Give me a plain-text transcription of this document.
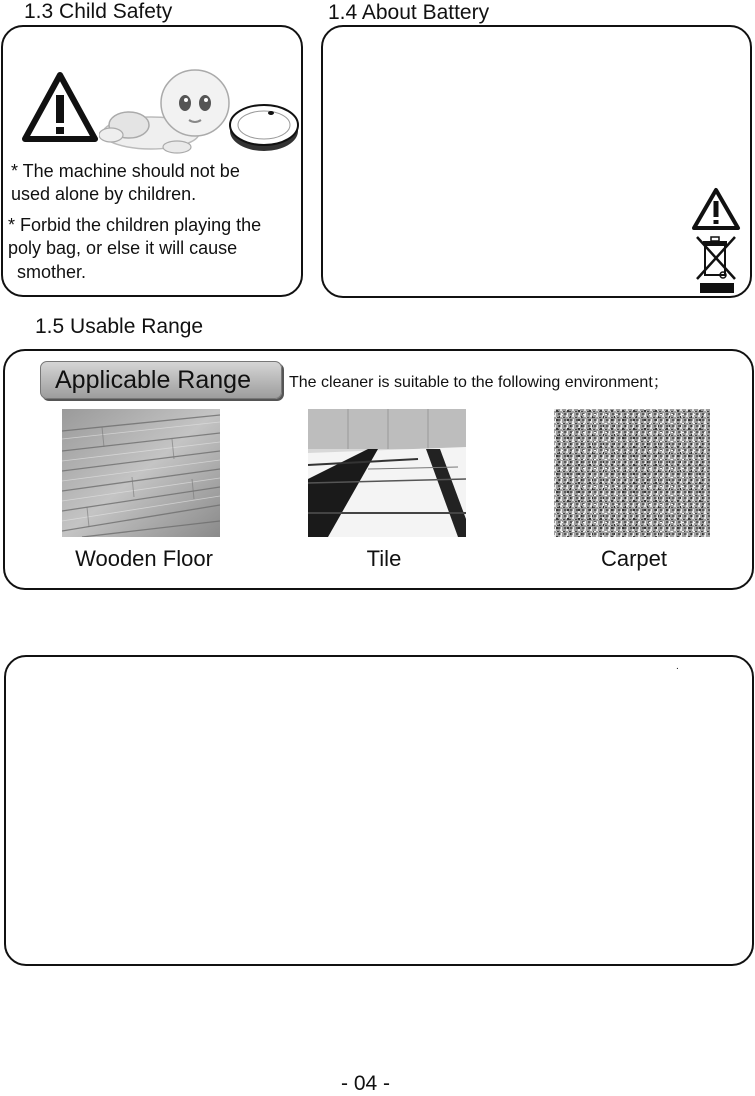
1.3 Child Safety
* The machine should not be
used alone by children.
* Forbid the children playing the
poly bag, or else it will cause
smother.
1.4 About Battery
1.5 Usable Range
Applicable Range	The cleaner is suitable to the following environment；
Wooden Floor	Tile	Carpet
.
- 04 -
